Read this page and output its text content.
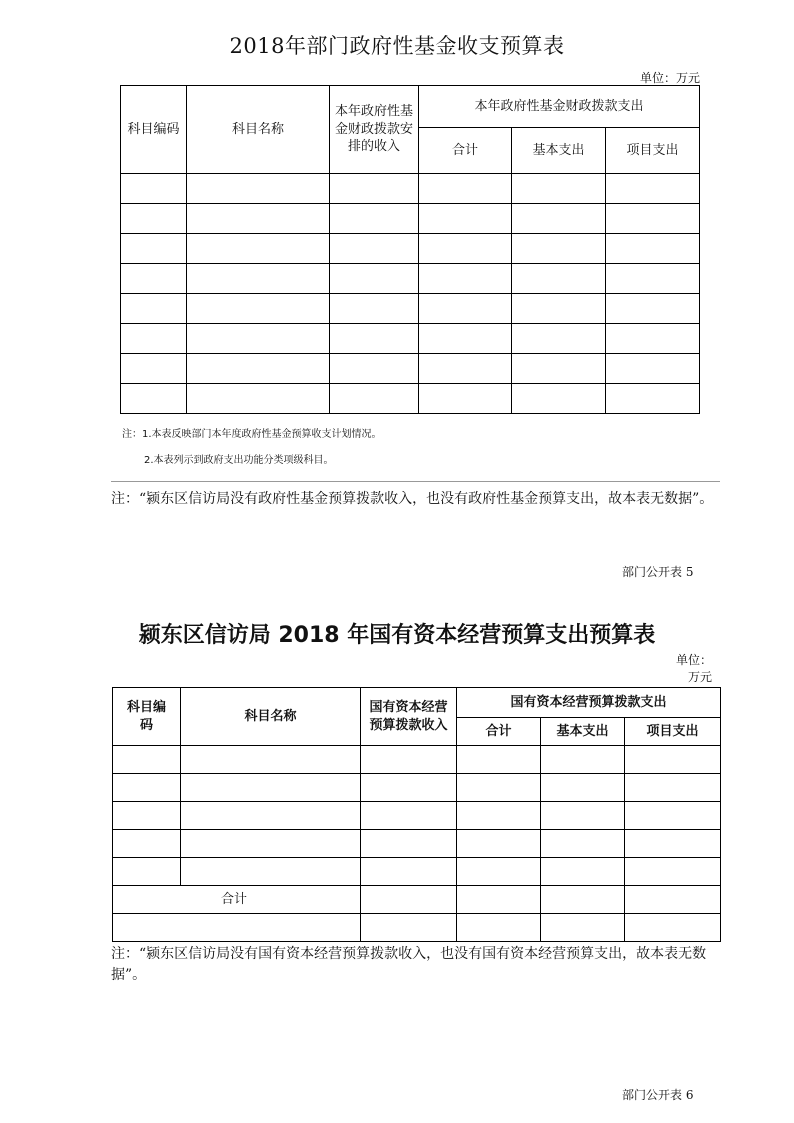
2018年部门政府性基金收支预算表
单位：万元
科目编码	科目名称	本年政府性基金财政拨款安排的收入	本年政府性基金财政拨款支出		
			合计	基本支出	项目支出

注：1.本表反映部门本年度政府性基金预算收支计划情况。
2.本表列示到政府支出功能分类项级科目。
注：“颍东区信访局没有政府性基金预算拨款收入，也没有政府性基金预算支出，故本表无数据”。
部门公开表 5
颍东区信访局 2018 年国有资本经营预算支出预算表
单位：
万元
科目编码	科目名称	国有资本经营预算拨款收入	国有资本经营预算拨款支出		
			合计	基本支出	项目支出

合计					

注：“颍东区信访局没有国有资本经营预算拨款收入，也没有国有资本经营预算支出，故本表无数据”。
部门公开表 6
